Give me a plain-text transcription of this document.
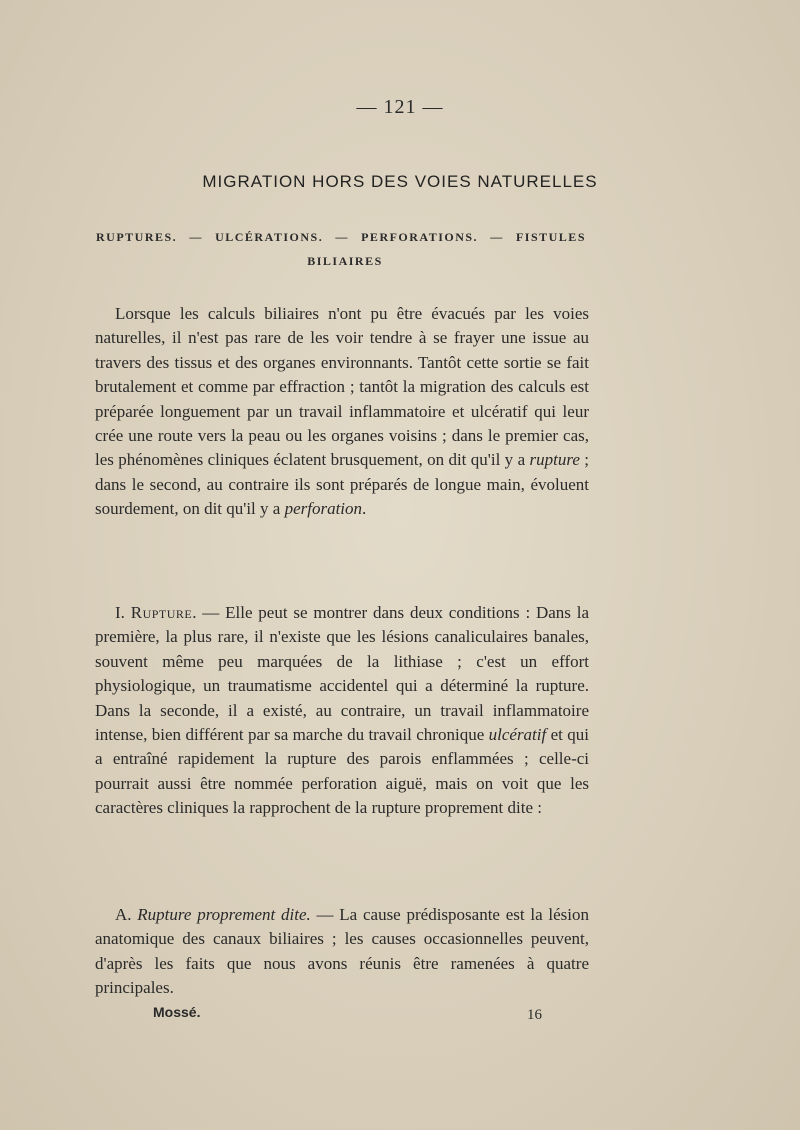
— 121 —
MIGRATION HORS DES VOIES NATURELLES
RUPTURES. — ULCÉRATIONS. — PERFORATIONS. — FISTULES
BILIAIRES

Lorsque les calculs biliaires n'ont pu être évacués par les voies naturelles, il n'est pas rare de les voir tendre à se frayer une issue au travers des tissus et des organes environnants. Tantôt cette sortie se fait brutalement et comme par effraction ; tantôt la migration des calculs est préparée longuement par un travail inflammatoire et ulcératif qui leur crée une route vers la peau ou les organes voisins ; dans le premier cas, les phénomènes cliniques éclatent brusquement, on dit qu'il y a rupture ; dans le second, au contraire ils sont préparés de longue main, évoluent sourdement, on dit qu'il y a perforation.

I. Rupture. — Elle peut se montrer dans deux conditions : Dans la première, la plus rare, il n'existe que les lésions canaliculaires banales, souvent même peu marquées de la lithiase ; c'est un effort physiologique, un traumatisme accidentel qui a déterminé la rupture. Dans la seconde, il a existé, au contraire, un travail inflammatoire intense, bien différent par sa marche du travail chronique ulcératif et qui a entraîné rapidement la rupture des parois enflammées ; celle-ci pourrait aussi être nommée perforation aiguë, mais on voit que les caractères cliniques la rapprochent de la rupture proprement dite :

A. Rupture proprement dite. — La cause prédisposante est la lésion anatomique des canaux biliaires ; les causes occasionnelles peuvent, d'après les faits que nous avons réunis être ramenées à quatre principales.

Mossé.	16
